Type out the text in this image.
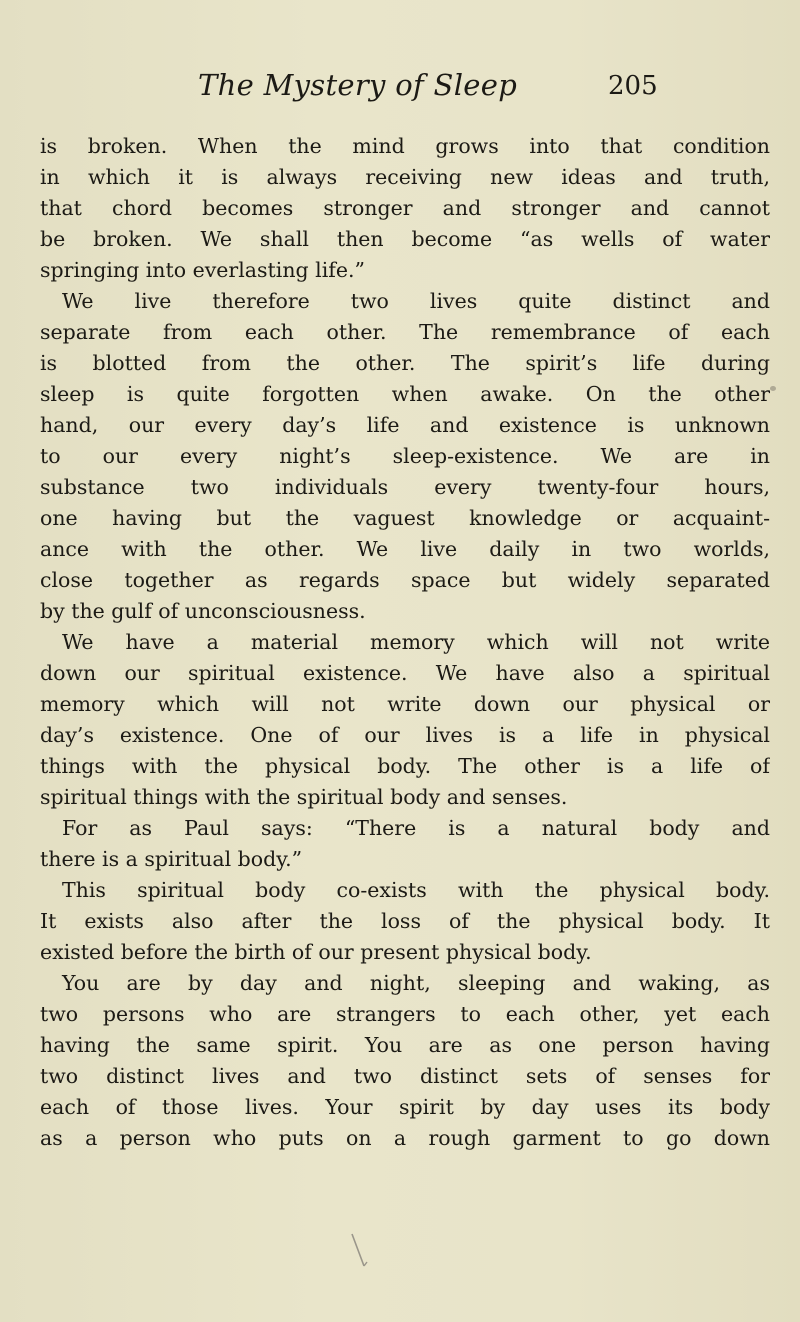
The Mystery of Sleep	205
is broken. When the mind grows into that condition
in which it is always receiving new ideas and truth,
that chord becomes stronger and stronger and cannot
be broken. We shall then become “as wells of water
springing into everlasting life.”
We live therefore two lives quite distinct and
separate from each other. The remembrance of each
is blotted from the other. The spirit’s life during
sleep is quite forgotten when awake. On the other
hand, our every day’s life and existence is unknown
to our every night’s sleep-existence. We are in
substance two individuals every twenty-four hours,
one having but the vaguest knowledge or acquaint-
ance with the other. We live daily in two worlds,
close together as regards space but widely separated
by the gulf of unconsciousness.
We have a material memory which will not write
down our spiritual existence. We have also a spiritual
memory which will not write down our physical or
day’s existence. One of our lives is a life in physical
things with the physical body. The other is a life of
spiritual things with the spiritual body and senses.
For as Paul says: “There is a natural body and
there is a spiritual body.”
This spiritual body co-exists with the physical body.
It exists also after the loss of the physical body. It
existed before the birth of our present physical body.
You are by day and night, sleeping and waking, as
two persons who are strangers to each other, yet each
having the same spirit. You are as one person having
two distinct lives and two distinct sets of senses for
each of those lives. Your spirit by day uses its body
as a person who puts on a rough garment to go down
